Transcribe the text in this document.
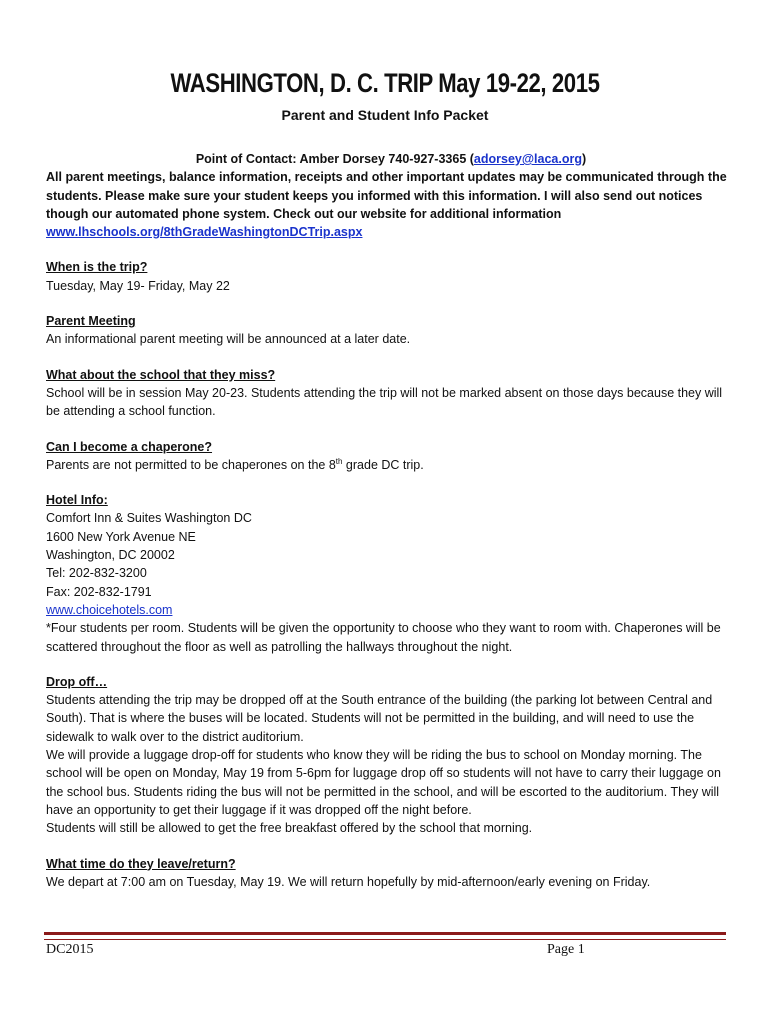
WASHINGTON, D. C. TRIP May 19-22, 2015
Parent and Student Info Packet

Point of Contact: Amber Dorsey 740-927-3365 (adorsey@laca.org)

All parent meetings, balance information, receipts and other important updates may be communicated through the students. Please make sure your student keeps you informed with this information. I will also send out notices though our automated phone system. Check out our website for additional information www.lhschools.org/8thGradeWashingtonDCTrip.aspx

When is the trip?

Tuesday, May 19- Friday, May 22

Parent Meeting

An informational parent meeting will be announced at a later date.

What about the school that they miss?

School will be in session May 20-23. Students attending the trip will not be marked absent on those days because they will be attending a school function.

Can I become a chaperone?

Parents are not permitted to be chaperones on the 8th grade DC trip.

Hotel Info:

Comfort Inn & Suites Washington DC

1600 New York Avenue NE

Washington, DC 20002

Tel: 202-832-3200

Fax: 202-832-1791

www.choicehotels.com

*Four students per room. Students will be given the opportunity to choose who they want to room with. Chaperones will be scattered throughout the floor as well as patrolling the hallways throughout the night.

Drop off…

Students attending the trip may be dropped off at the South entrance of the building (the parking lot between Central and South). That is where the buses will be located. Students will not be permitted in the building, and will need to use the sidewalk to walk over to the district auditorium.

We will provide a luggage drop-off for students who know they will be riding the bus to school on Monday morning. The school will be open on Monday, May 19 from 5-6pm for luggage drop off so students will not have to carry their luggage on the school bus. Students riding the bus will not be permitted in the school, and will be escorted to the auditorium. They will have an opportunity to get their luggage if it was dropped off the night before.

Students will still be allowed to get the free breakfast offered by the school that morning.

What time do they leave/return?

We depart at 7:00 am on Tuesday, May 19. We will return hopefully by mid-afternoon/early evening on Friday.

DC2015	Page 1
